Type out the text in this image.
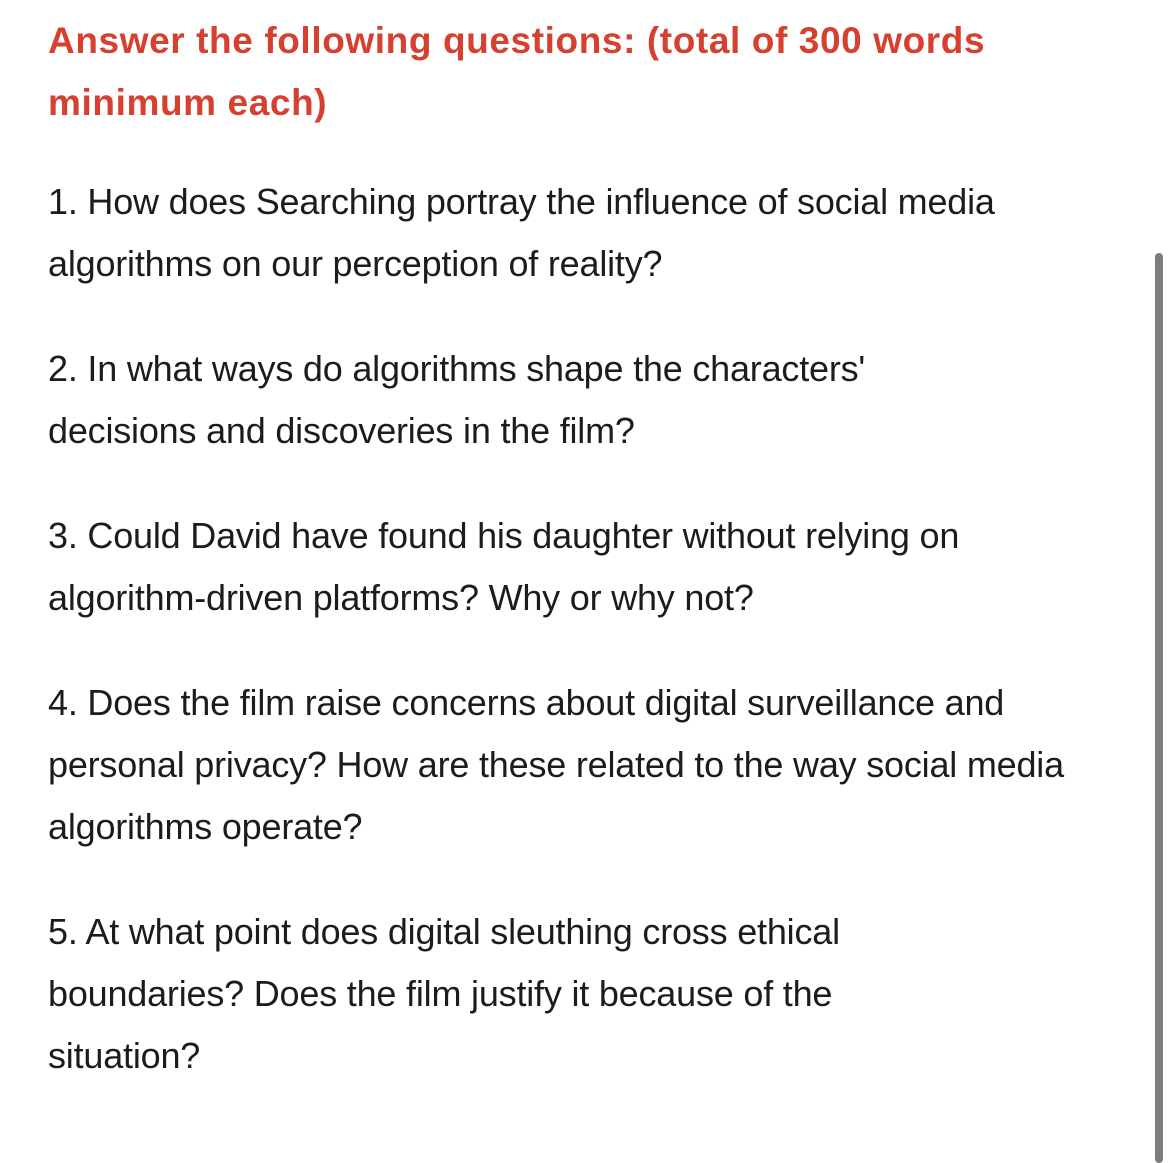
Answer the following questions: (total of 300 words minimum each)
1. How does Searching portray the influence of social media algorithms on our perception of reality?
2. In what ways do algorithms shape the characters' decisions and discoveries in the film?
3. Could David have found his daughter without relying on algorithm-driven platforms? Why or why not?
4. Does the film raise concerns about digital surveillance and personal privacy? How are these related to the way social media algorithms operate?
5. At what point does digital sleuthing cross ethical boundaries? Does the film justify it because of the situation?
